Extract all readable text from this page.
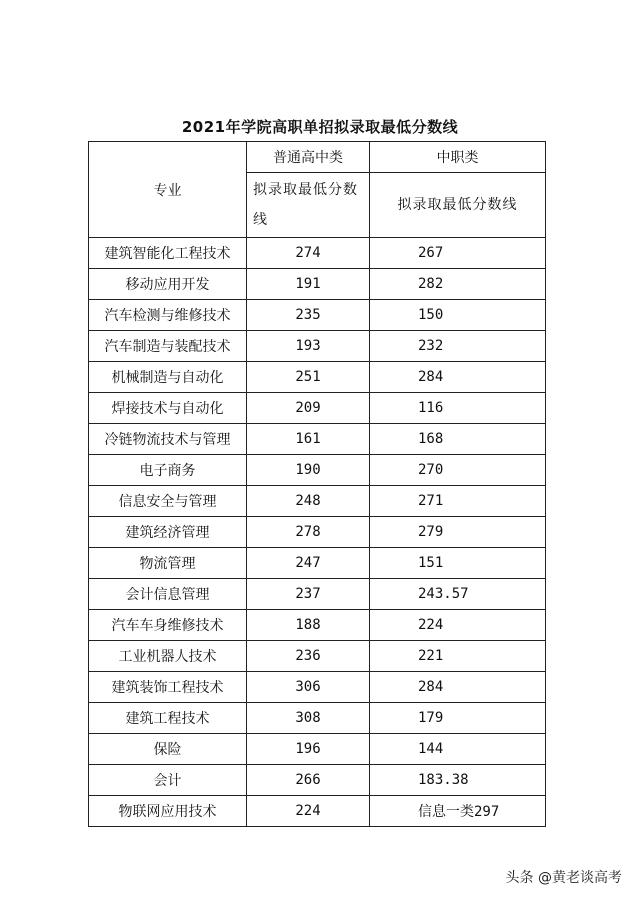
2021年学院高职单招拟录取最低分数线
专业	普通高中类	中职类
	拟录取最低分数线	拟录取最低分数线
建筑智能化工程技术	274	267
移动应用开发	191	282
汽车检测与维修技术	235	150
汽车制造与装配技术	193	232
机械制造与自动化	251	284
焊接技术与自动化	209	116
冷链物流技术与管理	161	168
电子商务	190	270
信息安全与管理	248	271
建筑经济管理	278	279
物流管理	247	151
会计信息管理	237	243.57
汽车车身维修技术	188	224
工业机器人技术	236	221
建筑装饰工程技术	306	284
建筑工程技术	308	179
保险	196	144
会计	266	183.38
物联网应用技术	224	信息一类297
头条 @黄老谈高考
